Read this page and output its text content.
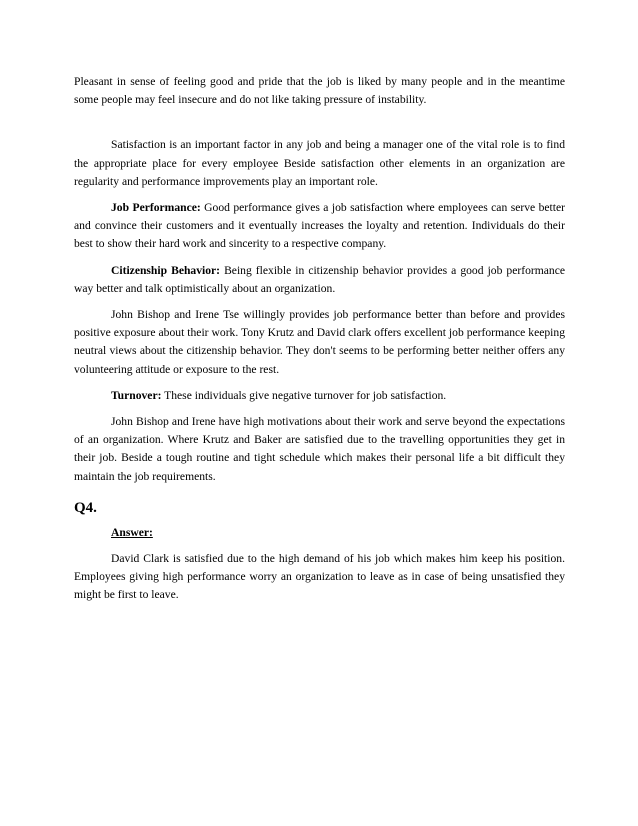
Pleasant in sense of feeling good and pride that the job is liked by many people and in the meantime some people may feel insecure and do not like taking pressure of instability.

Satisfaction is an important factor in any job and being a manager one of the vital role is to find the appropriate place for every employee Beside satisfaction other elements in an organization are regularity and performance improvements play an important role.

Job Performance: Good performance gives a job satisfaction where employees can serve better and convince their customers and it eventually increases the loyalty and retention. Individuals do their best to show their hard work and sincerity to a respective company.

Citizenship Behavior: Being flexible in citizenship behavior provides a good job performance way better and talk optimistically about an organization.

John Bishop and Irene Tse willingly provides job performance better than before and provides positive exposure about their work. Tony Krutz and David clark offers excellent job performance keeping neutral views about the citizenship behavior. They don't seems to be performing better neither offers any volunteering attitude or exposure to the rest.

Turnover: These individuals give negative turnover for job satisfaction.

John Bishop and Irene have high motivations about their work and serve beyond the expectations of an organization. Where Krutz and Baker are satisfied due to the travelling opportunities they get in their job. Beside a tough routine and tight schedule which makes their personal life a bit difficult they maintain the job requirements.

Q4.

Answer:

David Clark is satisfied due to the high demand of his job which makes him keep his position. Employees giving high performance worry an organization to leave as in case of being unsatisfied they might be first to leave.
